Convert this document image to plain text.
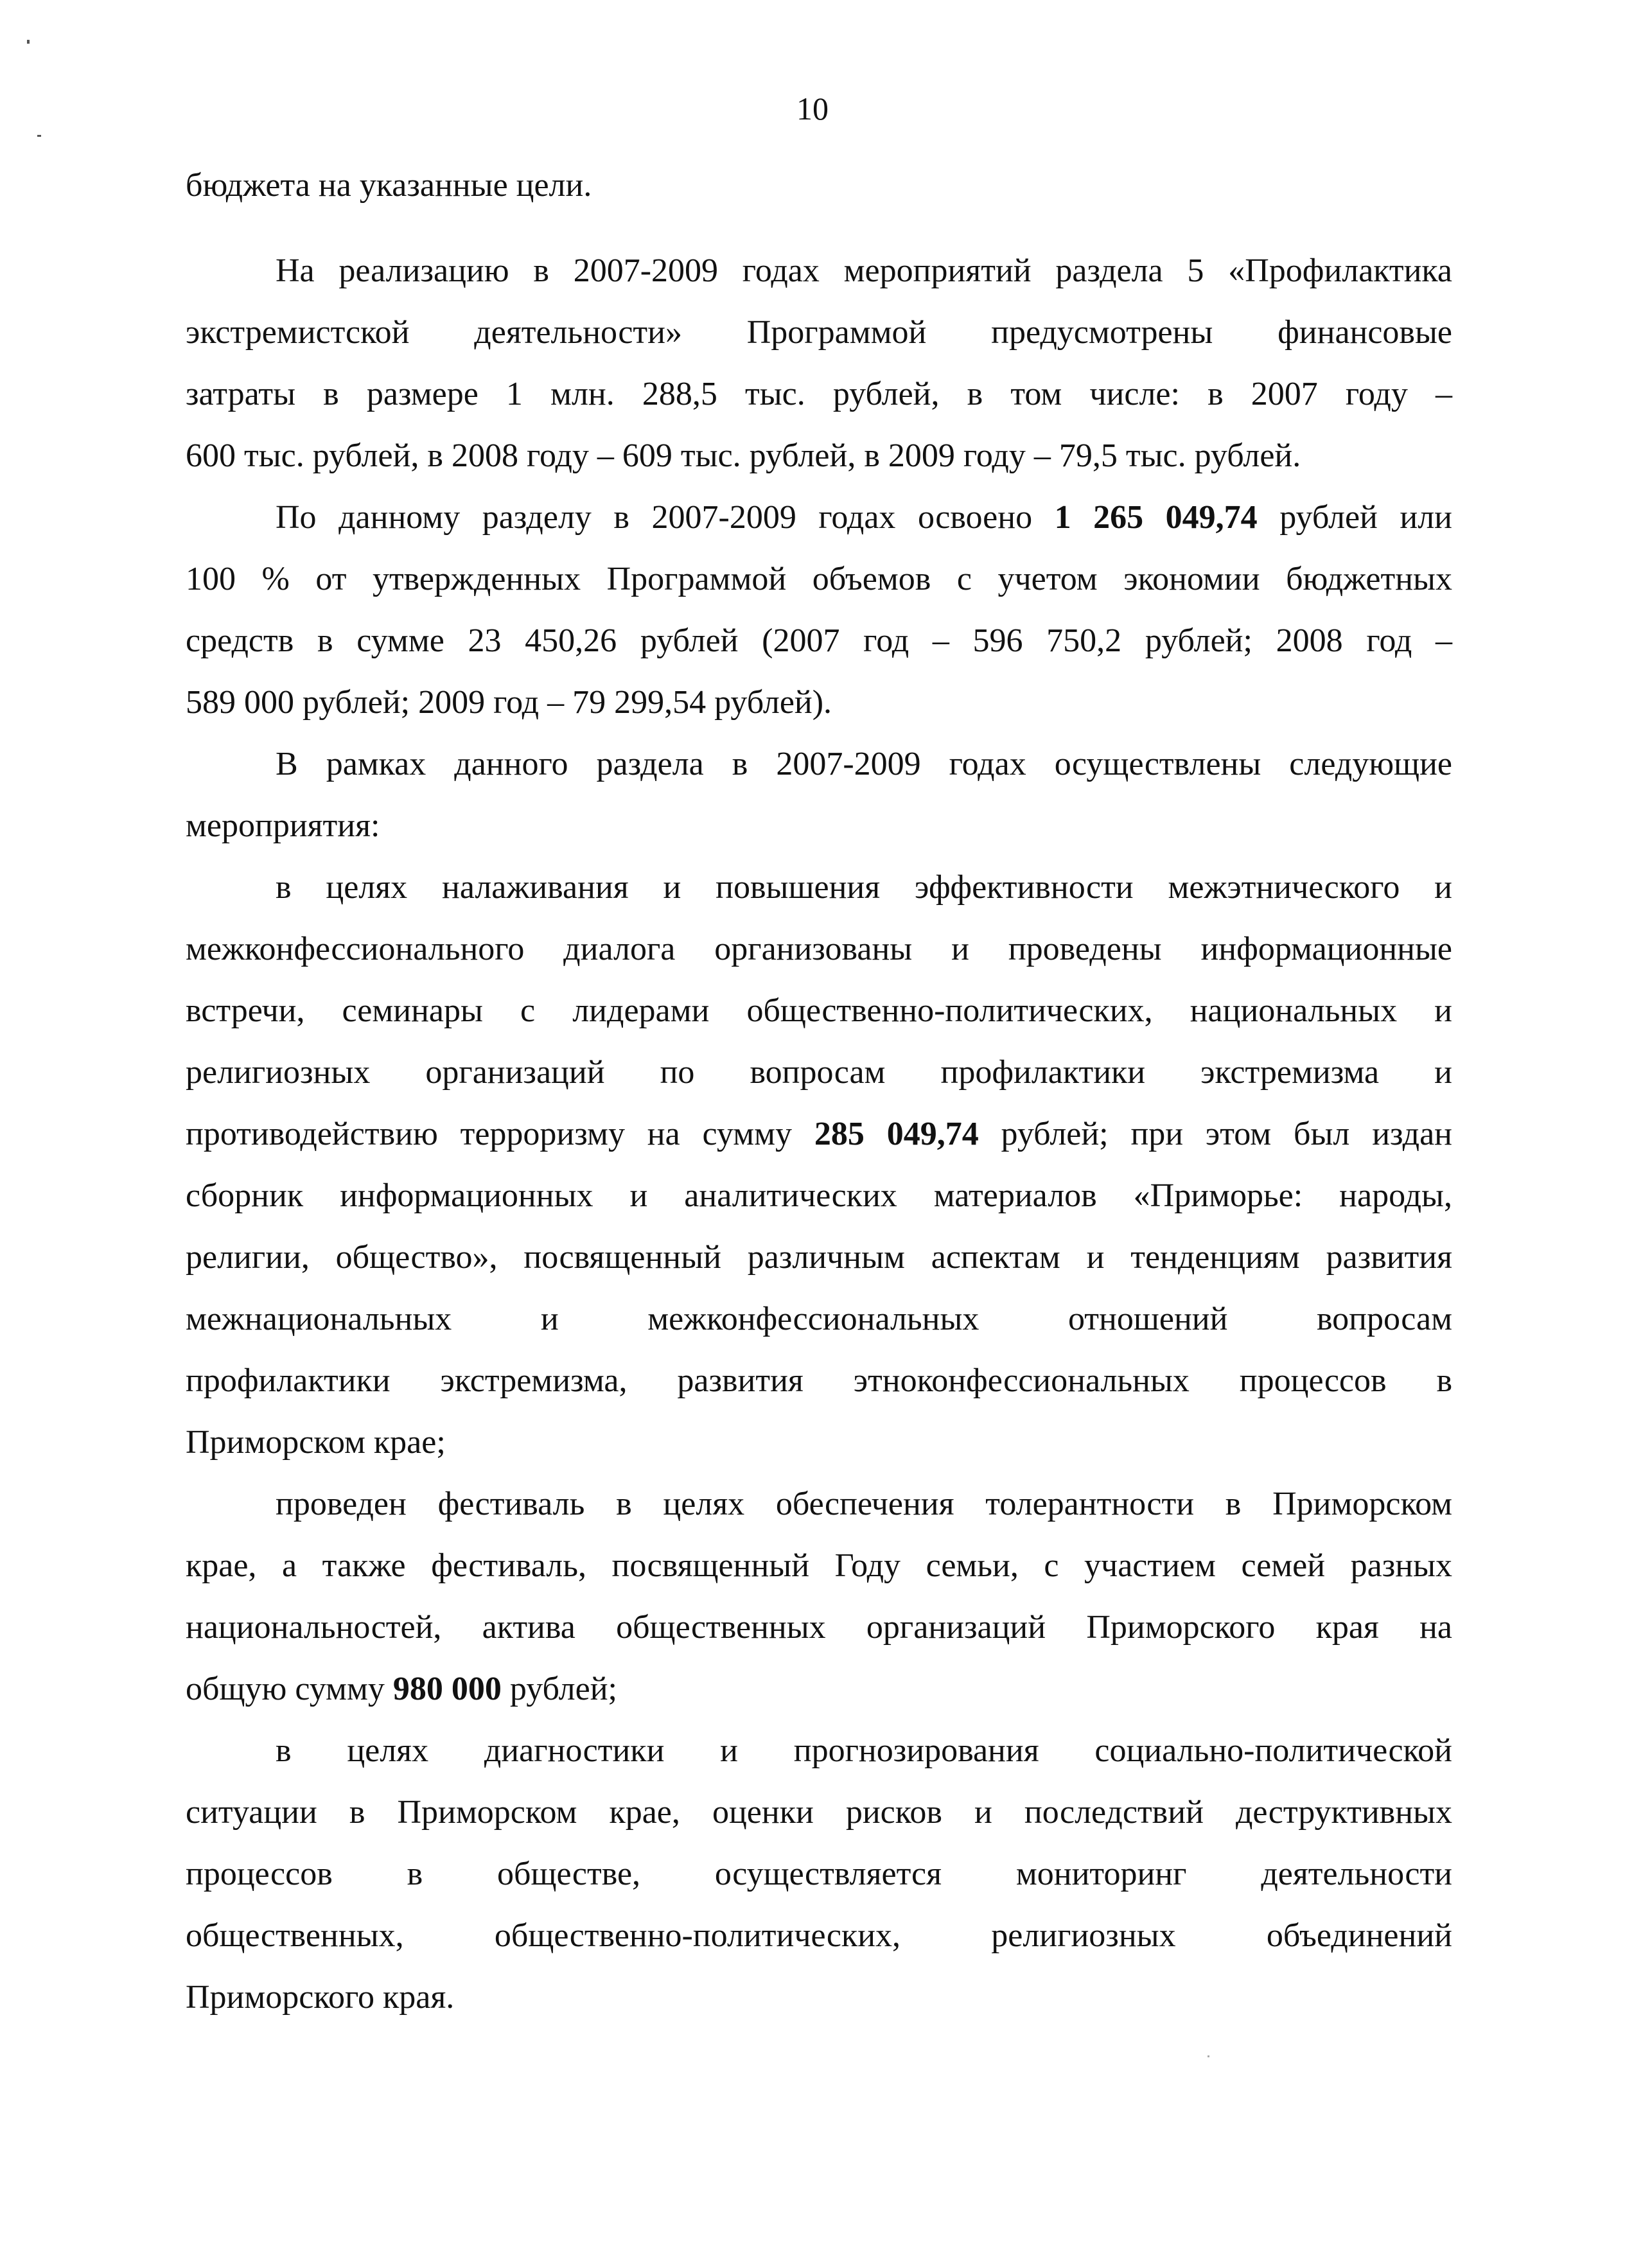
10
бюджета на указанные цели.
На реализацию в 2007-2009 годах мероприятий раздела 5 «Профилактика
экстремистской деятельности» Программой предусмотрены финансовые
затраты в размере 1 млн. 288,5 тыс. рублей, в том числе: в 2007 году –
600 тыс. рублей, в 2008 году – 609 тыс. рублей, в 2009 году – 79,5 тыс. рублей.
По данному разделу в 2007-2009 годах освоено 1 265 049,74 рублей или
100 % от утвержденных Программой объемов с учетом экономии бюджетных
средств в сумме 23 450,26 рублей (2007 год – 596 750,2 рублей; 2008 год –
589 000 рублей; 2009 год – 79 299,54 рублей).
В рамках данного раздела в 2007-2009 годах осуществлены следующие
мероприятия:
в целях налаживания и повышения эффективности межэтнического и
межконфессионального диалога организованы и проведены информационные
встречи, семинары с лидерами общественно-политических, национальных и
религиозных организаций по вопросам профилактики экстремизма и
противодействию терроризму на сумму 285 049,74 рублей; при этом был издан
сборник информационных и аналитических материалов «Приморье: народы,
религии, общество», посвященный различным аспектам и тенденциям развития
межнациональных и межконфессиональных отношений вопросам
профилактики экстремизма, развития этноконфессиональных процессов в
Приморском крае;
проведен фестиваль в целях обеспечения толерантности в Приморском
крае, а также фестиваль, посвященный Году семьи, с участием семей разных
национальностей, актива общественных организаций Приморского края на
общую сумму 980 000 рублей;
в целях диагностики и прогнозирования социально-политической
ситуации в Приморском крае, оценки рисков и последствий деструктивных
процессов в обществе, осуществляется мониторинг деятельности
общественных, общественно-политических, религиозных объединений
Приморского края.
